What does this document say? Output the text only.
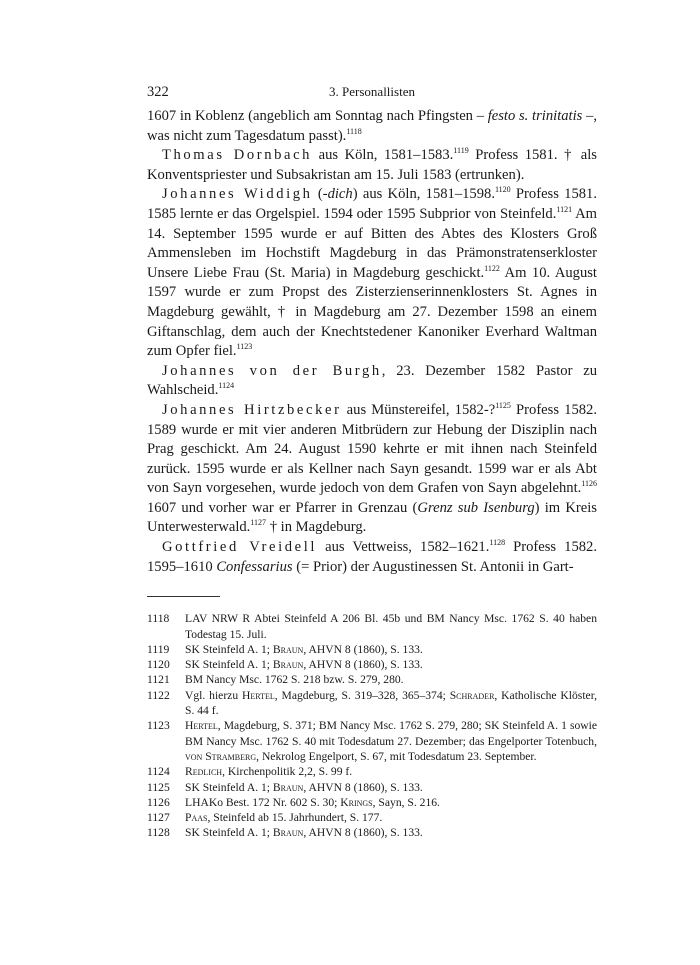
322	3. Personallisten

1607 in Koblenz (angeblich am Sonntag nach Pfingsten – festo s. trinitatis –, was nicht zum Tagesdatum passt).$^{1118}$

Thomas Dornbach aus Köln, 1581–1583.$^{1119}$ Profess 1581. † als Konventspriester und Subsakristan am 15. Juli 1583 (ertrunken).

Johannes Widdigh (-dich) aus Köln, 1581–1598.$^{1120}$ Profess 1581. 1585 lernte er das Orgelspiel. 1594 oder 1595 Subprior von Steinfeld.$^{1121}$ Am 14. September 1595 wurde er auf Bitten des Abtes des Klosters Groß Ammensleben im Hochstift Magdeburg in das Prämonstratenserkloster Unsere Liebe Frau (St. Maria) in Magdeburg geschickt.$^{1122}$ Am 10. August 1597 wurde er zum Propst des Zisterzienserinnenklosters St. Agnes in Magdeburg gewählt, † in Magdeburg am 27. Dezember 1598 an einem Giftanschlag, dem auch der Knechtstedener Kanoniker Everhard Waltman zum Opfer fiel.$^{1123}$

Johannes von der Burgh, 23. Dezember 1582 Pastor zu Wahlscheid.$^{1124}$

Johannes Hirtzbecker aus Münstereifel, 1582-?$^{1125}$ Profess 1582. 1589 wurde er mit vier anderen Mitbrüdern zur Hebung der Disziplin nach Prag geschickt. Am 24. August 1590 kehrte er mit ihnen nach Steinfeld zurück. 1595 wurde er als Kellner nach Sayn gesandt. 1599 war er als Abt von Sayn vorgesehen, wurde jedoch von dem Grafen von Sayn abgelehnt.$^{1126}$ 1607 und vorher war er Pfarrer in Grenzau (Grenz sub Isenburg) im Kreis Unterwesterwald.$^{1127}$ † in Magdeburg.

Gottfried Vreidell aus Vettweiss, 1582–1621.$^{1128}$ Profess 1582. 1595–1610 Confessarius (= Prior) der Augustinessen St. Antonii in Gart-

1118 LAV NRW R Abtei Steinfeld A 206 Bl. 45b und BM Nancy Msc. 1762 S. 40 haben Todestag 15. Juli.
1119 SK Steinfeld A. 1; Braun, AHVN 8 (1860), S. 133.
1120 SK Steinfeld A. 1; Braun, AHVN 8 (1860), S. 133.
1121 BM Nancy Msc. 1762 S. 218 bzw. S. 279, 280.
1122 Vgl. hierzu Hertel, Magdeburg, S. 319–328, 365–374; Schrader, Katholische Klöster, S. 44 f.
1123 Hertel, Magdeburg, S. 371; BM Nancy Msc. 1762 S. 279, 280; SK Steinfeld A. 1 sowie BM Nancy Msc. 1762 S. 40 mit Todesdatum 27. Dezember; das Engelporter Totenbuch, von Stramberg, Nekrolog Engelport, S. 67, mit Todesdatum 23. September.
1124 Redlich, Kirchenpolitik 2,2, S. 99 f.
1125 SK Steinfeld A. 1; Braun, AHVN 8 (1860), S. 133.
1126 LHAKo Best. 172 Nr. 602 S. 30; Krings, Sayn, S. 216.
1127 Paas, Steinfeld ab 15. Jahrhundert, S. 177.
1128 SK Steinfeld A. 1; Braun, AHVN 8 (1860), S. 133.
